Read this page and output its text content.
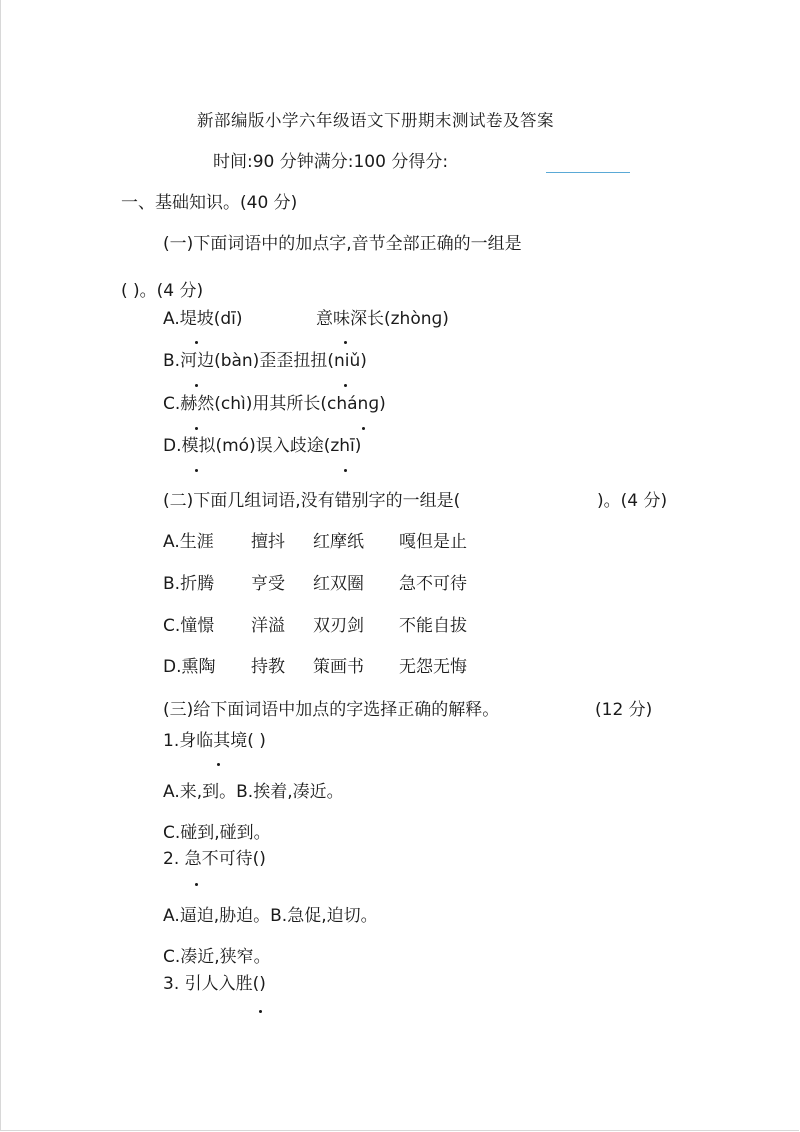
新部编版小学六年级语文下册期末测试卷及答案
时间:90 分钟满分:100 分得分:
一、基础知识。(40 分)
(一)下面词语中的加点字,音节全部正确的一组是
( )。(4 分)
A.堤坡(dī)	意味深长(zhònɡ)
B.河边(bàn)歪歪扭扭(niǔ)
C.赫然(chì)用其所长(chánɡ)
D.模拟(mó)误入歧途(zhī)
(二)下面几组词语,没有错别字的一组是(	)。(4 分)
A.生涯 擅抖 红摩纸 嘎但是止
B.折腾 亨受 红双圈 急不可待
C.憧憬 洋溢 双刃剑 不能自拔
D.熏陶 持教 策画书 无怨无悔
(三)给下面词语中加点的字选择正确的解释。	(12 分)
1.身临其境( )
A.来,到。B.挨着,凑近。
C.碰到,碰到。
2. 急不可待()
A.逼迫,胁迫。B.急促,迫切。
C.凑近,狭窄。
3. 引人入胜()
